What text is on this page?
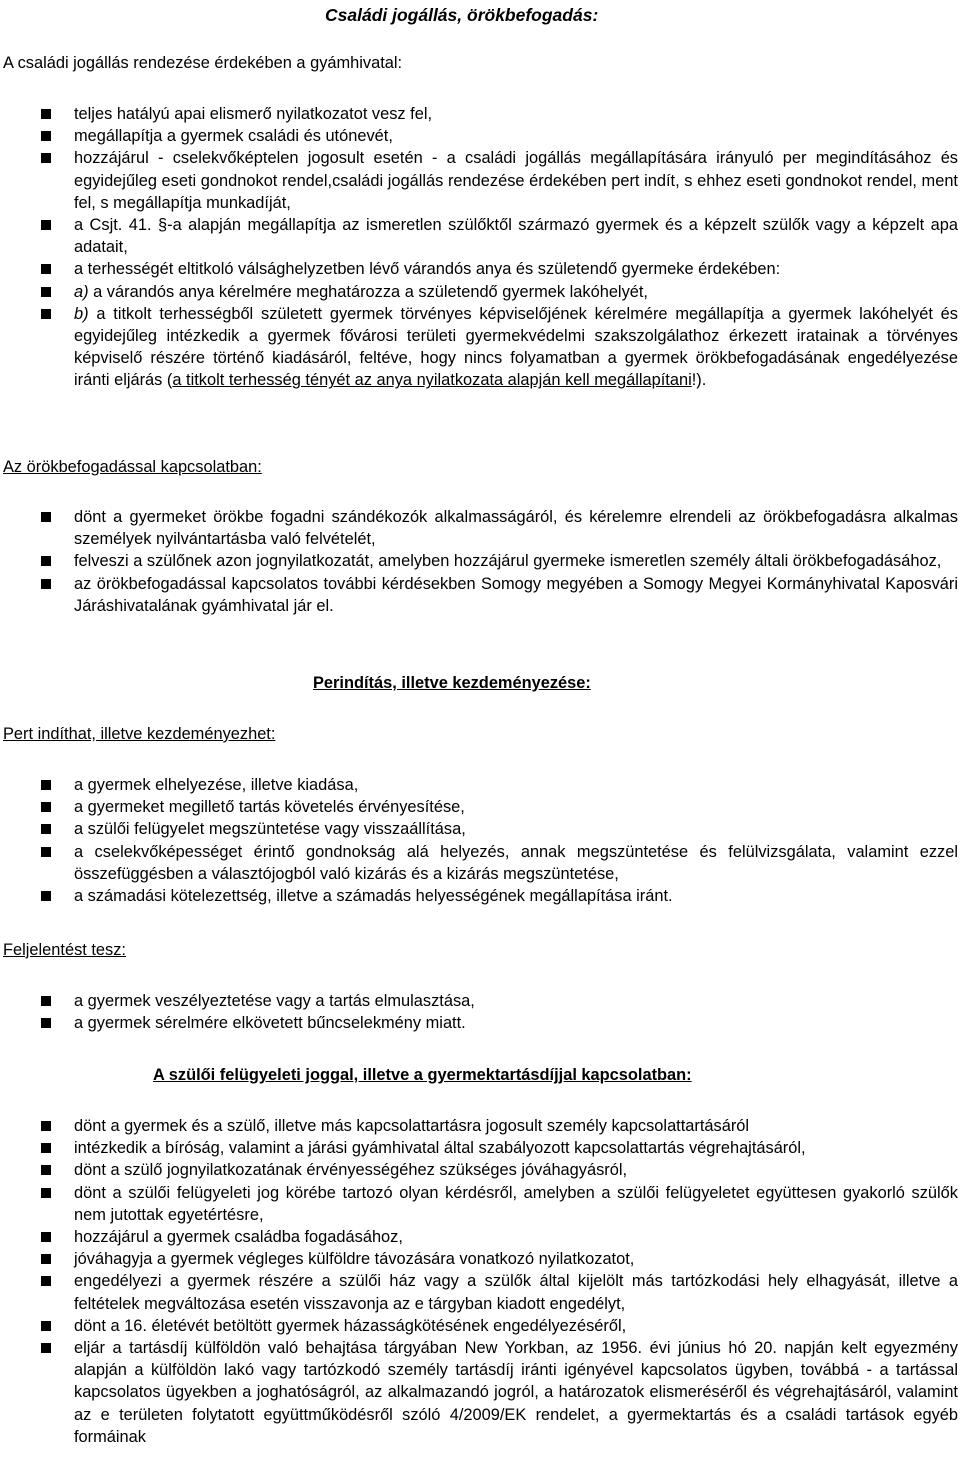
Családi jogállás, örökbefogadás:
A családi jogállás rendezése érdekében a gyámhivatal:
teljes hatályú apai elismerő nyilatkozatot vesz fel,
megállapítja a gyermek családi és utónevét,
hozzájárul - cselekvőképtelen jogosult esetén - a családi jogállás megállapítására irányuló per megindításához és egyidejűleg eseti gondnokot rendel,családi jogállás rendezése érdekében pert indít, s ehhez eseti gondnokot rendel, ment fel, s megállapítja munkadíját,
a Csjt. 41. §-a alapján megállapítja az ismeretlen szülőktől származó gyermek és a képzelt szülők vagy a képzelt apa adatait,
a terhességét eltitkoló válsághelyzetben lévő várandós anya és születendő gyermeke érdekében:
a) a várandós anya kérelmére meghatározza a születendő gyermek lakóhelyét,
b) a titkolt terhességből született gyermek törvényes képviselőjének kérelmére megállapítja a gyermek lakóhelyét és egyidejűleg intézkedik a gyermek fővárosi területi gyermekvédelmi szakszolgálathoz érkezett iratainak a törvényes képviselő részére történő kiadásáról, feltéve, hogy nincs folyamatban a gyermek örökbefogadásának engedélyezése iránti eljárás (a titkolt terhesség tényét az anya nyilatkozata alapján kell megállapítani!).
Az örökbefogadással kapcsolatban:
dönt a gyermeket örökbe fogadni szándékozók alkalmasságáról, és kérelemre elrendeli az örökbefogadásra alkalmas személyek nyilvántartásba való felvételét,
felveszi a szülőnek azon jognyilatkozatát, amelyben hozzájárul gyermeke ismeretlen személy általi örökbefogadásához,
az örökbefogadással kapcsolatos további kérdésekben Somogy megyében a Somogy Megyei Kormányhivatal Kaposvári Járáshivatalának gyámhivatal jár el.
Perindítás, illetve kezdeményezése:
Pert indíthat, illetve kezdeményezhet:
a gyermek elhelyezése, illetve kiadása,
a gyermeket megillető tartás követelés érvényesítése,
a szülői felügyelet megszüntetése vagy visszaállítása,
a cselekvőképességet érintő gondnokság alá helyezés, annak megszüntetése és felülvizsgálata, valamint ezzel összefüggésben a választójogból való kizárás és a kizárás megszüntetése,
a számadási kötelezettség, illetve a számadás helyességének megállapítása iránt.
Feljelentést tesz:
a gyermek veszélyeztetése vagy a tartás elmulasztása,
a gyermek sérelmére elkövetett bűncselekmény miatt.
A szülői felügyeleti joggal, illetve a gyermektartásdíjjal kapcsolatban:
dönt a gyermek és a szülő, illetve más kapcsolattartásra jogosult személy kapcsolattartásáról
intézkedik a bíróság, valamint a járási gyámhivatal által szabályozott kapcsolattartás végrehajtásáról,
dönt a szülő jognyilatkozatának érvényességéhez szükséges jóváhagyásról,
dönt a szülői felügyeleti jog körébe tartozó olyan kérdésről, amelyben a szülői felügyeletet együttesen gyakorló szülők nem jutottak egyetértésre,
hozzájárul a gyermek családba fogadásához,
jóváhagyja a gyermek végleges külföldre távozására vonatkozó nyilatkozatot,
engedélyezi a gyermek részére a szülői ház vagy a szülők által kijelölt más tartózkodási hely elhagyását, illetve a feltételek megváltozása esetén visszavonja az e tárgyban kiadott engedélyt,
dönt a 16. életévét betöltött gyermek házasságkötésének engedélyezéséről,
eljár a tartásdíj külföldön való behajtása tárgyában New Yorkban, az 1956. évi június hó 20. napján kelt egyezmény alapján a külföldön lakó vagy tartózkodó személy tartásdíj iránti igényével kapcsolatos ügyben, továbbá - a tartással kapcsolatos ügyekben a joghatóságról, az alkalmazandó jogról, a határozatok elismeréséről és végrehajtásáról, valamint az e területen folytatott együttműködésről szóló 4/2009/EK rendelet, a gyermektartás és a családi tartások egyéb formáinak
